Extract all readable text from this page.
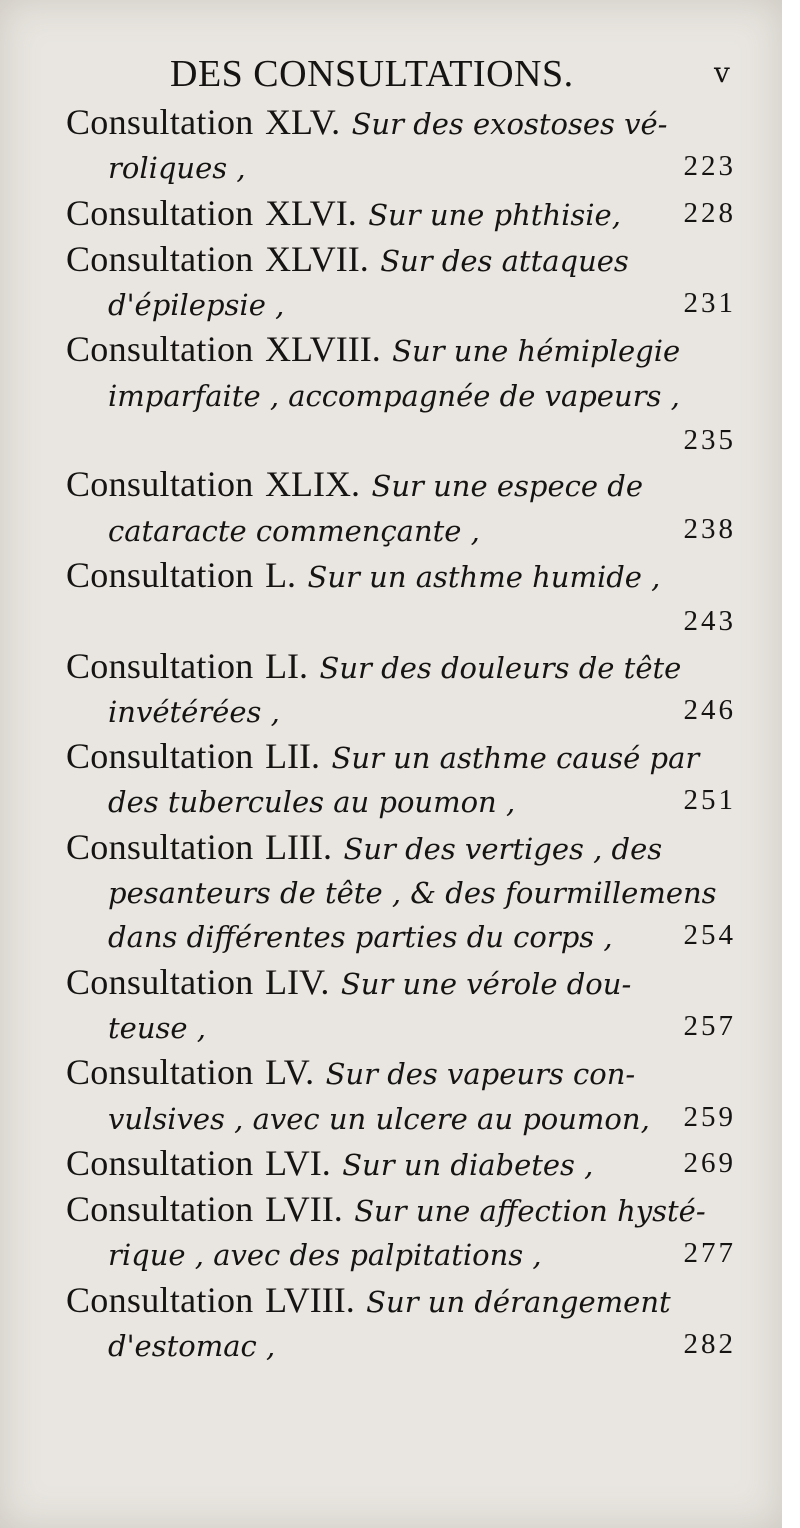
DES CONSULTATIONS.	v
Consultation XLV. Sur des exostoses vé-
roliques ,	223
Consultation XLVI. Sur une phthisie, 228
Consultation XLVII. Sur des attaques
d'épilepsie ,	231
Consultation XLVIII. Sur une hémiplegie
imparfaite , accompagnée de vapeurs ,
235
Consultation XLIX. Sur une espece de
cataracte commençante ,	238
Consultation L. Sur un asthme humide ,
243
Consultation LI. Sur des douleurs de tête
invétérées ,	246
Consultation LII. Sur un asthme causé par
des tubercules au poumon ,	251
Consultation LIII. Sur des vertiges , des
pesanteurs de tête , & des fourmillemens
dans différentes parties du corps ,	254
Consultation LIV. Sur une vérole dou-
teuse ,	257
Consultation LV. Sur des vapeurs con-
vulsives , avec un ulcere au poumon,	259
Consultation LVI. Sur un diabetes ,	269
Consultation LVII. Sur une affection hysté-
rique , avec des palpitations ,	277
Consultation LVIII. Sur un dérangement
d'estomac ,	282
